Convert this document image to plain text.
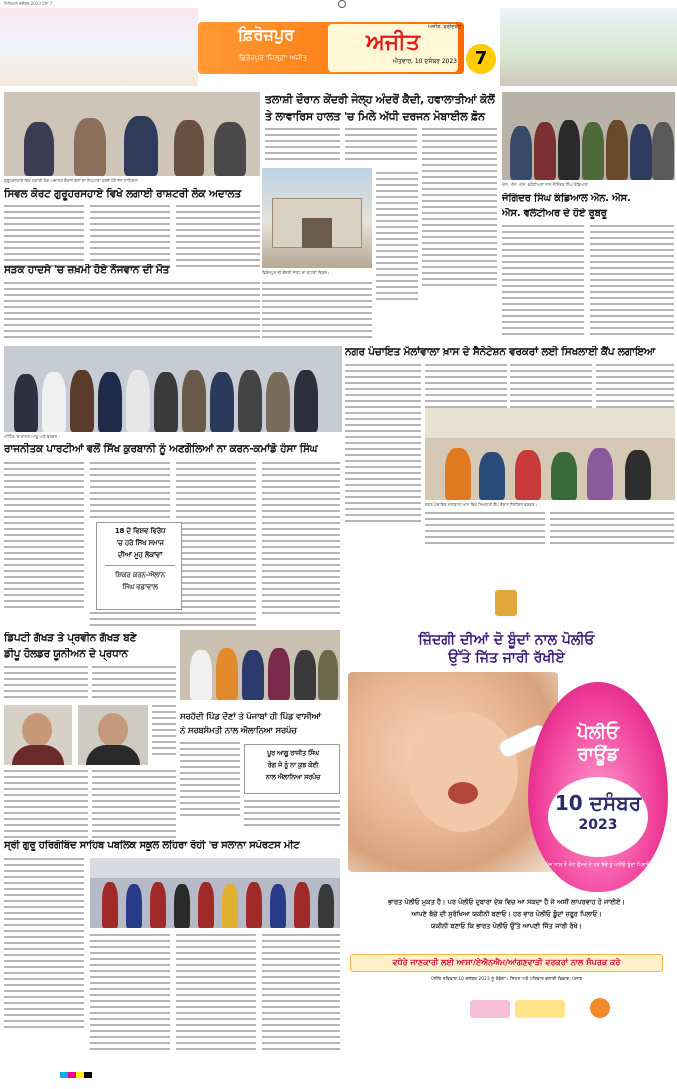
ਮਿਲਿਅਨ ਦਸੰਬਰ 2023 ਪੰਨਾ 7
ਫ਼ਿਰੋਜ਼ਪੁਰ	ਅਜੀਤ
ਫ਼ਿਰੋਜ਼ਪੁਰ 'ਜਿਲ੍ਹਾ' ਅਜੀਤ	ਐਤਵਾਰ, 10 ਦਸੰਬਰ 2023
ਅਜੀਤ, ਫ਼ਰੀਦਕੋਟ
7
ਗੁਰੂਹਰਸਹਾਏ ਵਿਖੇ ਲਗਾਈ ਲੋਕ ਅਦਾਲਤ ਦੌਰਾਨ ਕੇਸਾਂ ਦਾ ਨਿਪਟਾਰਾ ਕਰਦੇ ਹੋਏ ਜੱਜ ਸਾਹਿਬਾਨ
ਤਲਾਸ਼ੀ ਦੌਰਾਨ ਕੇਂਦਰੀ ਜੇਲ੍ਹ ਅੰਦਰੋਂ ਕੈਦੀ, ਹਵਾਲਾਤੀਆਂ ਕੋਲੋਂ
ਤੇ ਲਾਵਾਰਿਸ ਹਾਲਤ 'ਚ ਮਿਲੇ ਅੱਧੀ ਦਰਜਨ ਮੋਬਾਈਲ ਫ਼ੋਨ
ਫ਼ਿਰੋਜ਼ਪੁਰ ਦੀ ਕੇਂਦਰੀ ਜੇਲ੍ਹ ਦਾ ਬਾਹਰੀ ਦ੍ਰਿਸ਼।
ਐਨ. ਐਸ. ਐਸ. ਵਲੰਟੀਅਰਾਂ ਨਾਲ ਜੋਗਿੰਦਰ ਸਿੰਘ ਕੰਡਿਆਲ
ਜੋਗਿੰਦਰ ਸਿੰਘ ਕੰਡਿਆਲ ਐਨ. ਐਸ.
ਐਸ. ਵਲੰਟੀਅਰ ਦੇ ਹੋਏ ਰੂਬਰੂ
ਸਿਵਲ ਕੋਰਟ ਗੁਰੂਹਰਸਹਾਏ ਵਿਖੇ ਲਗਾਈ ਰਾਸ਼ਟਰੀ ਲੋਕ ਅਦਾਲਤ
ਸੜਕ ਹਾਦਸੇ 'ਚ ਜ਼ਖ਼ਮੀ ਹੋਏ ਨੌਜਵਾਨ ਦੀ ਮੌਤ
ਮੀਟਿੰਗ 'ਚ ਸ਼ਾਮਲ ਆਗੂ ਅਤੇ ਵਰਕਰ।
ਨਗਰ ਪੰਚਾਇਤ ਮੱਲਾਂਵਾਲਾ ਖ਼ਾਸ ਦੇ ਸੈਨੇਟੇਸ਼ਨ ਵਰਕਰਾਂ ਲਈ ਸਿਖਲਾਈ ਕੈਂਪ ਲਗਾਇਆ
ਨਗਰ ਪੰਚਾਇਤ ਮੱਲਾਂਵਾਲਾ ਖ਼ਾਸ ਵਿਖੇ ਸਿਖਲਾਈ ਕੈਂਪ ਦੌਰਾਨ ਸੈਨੇਟੇਸ਼ਨ ਵਰਕਰ।
ਰਾਜਨੀਤਕ ਪਾਰਟੀਆਂ ਵਲੋਂ ਸਿੱਖ ਕੁਰਬਾਨੀ ਨੂੰ ਅਣਗੌਲਿਆਂ ਨਾ ਕਰਨ-ਕਮਾਂਡੋ ਹੰਸਾ ਸਿੰਘ
18 ਦੇ ਵਿਸ਼ਵ ਵਿਰੋਧ
'ਚ ਹਰੇ ਸਿੱਖ ਸਮਾਜ
ਦੀਆਂ ਮੂਹ ਲੋਕਾਂਵਾਂ
ਸ਼ਿਕਰ ਕਰਨ-ਐਲਾਨ
ਸਿੰਘ ਵਡਾਵਾਲ
ਡਿਪਟੀ ਗੱਖੜ ਤੇ ਪ੍ਰਵੀਨ ਗੱਖੜ ਬਣੇ
ਡੀਪੂ ਹੋਲਡਰ ਯੂਨੀਅਨ ਦੇ ਪ੍ਰਧਾਨ
ਸਰਹੱਦੀ ਪਿੰਡ ਦੌਣਾਂ ਤੇ ਪੰਜਾਬਾਂ ਹੀ ਪਿੰਡ ਵਾਸੀਆਂ
ਨੇ ਸਰਬਸੰਮਤੀ ਨਾਲ ਐਲਾਨਿਆ ਸਰਪੰਚ
ਪੂਰ ਆਗੂ ਰਾਜੀਤ ਸਿੰਘ
ਰੋਗ ਜੋ ਨੂੰ ਨਾ ਕੁਝ ਕੋਈ
ਨਾਲ ਐਲਾਨਿਆ ਸਰਪੰਚ
ਸ੍ਰੀ ਗੁਰੂ ਹਰਿਗੋਬਿੰਦ ਸਾਹਿਬ ਪਬਲਿਕ ਸਕੂਲ ਲਹਿਰਾ ਰੋਹੀ 'ਚ ਸਲਾਨਾ ਸਪੋਰਟਸ ਮੀਟ
ਜ਼ਿੰਦਗੀ ਦੀਆਂ ਦੋ ਬੂੰਦਾਂ ਨਾਲ ਪੋਲੀਓ
ਉੱਤੇ ਜਿੱਤ ਜਾਰੀ ਰੱਖੀਏ
ਪੋਲੀਓ
ਰਾਊਂਡ
10 ਦਸੰਬਰ
2023
ਪੰਜ ਸਾਲ ਤੋਂ ਘੱਟ ਉਮਰ ਦੇ ਹਰ ਬੱਚੇ ਨੂੰ ਪੋਲੀਓ ਬੂੰਦਾਂ ਪਿਲਾਓ
ਭਾਰਤ ਪੋਲੀਓ ਮੁਕਤ ਹੈ। ਪਰ ਪੋਲੀਓ ਦੁਬਾਰਾ ਦੇਸ਼ ਵਿਚ ਆ ਸਕਦਾ ਹੈ ਜੇ ਅਸੀਂ ਲਾਪਰਵਾਹ ਹੋ ਜਾਈਏ।
ਆਪਣੇ ਬੱਚੇ ਦੀ ਸੁਰੱਖਿਆ ਯਕੀਨੀ ਬਣਾਓ। ਹਰ ਵਾਰ ਪੋਲੀਓ ਬੂੰਦਾਂ ਜ਼ਰੂਰ ਪਿਲਾਓ।
ਯਕੀਨੀ ਬਣਾਓ ਕਿ ਭਾਰਤ ਪੋਲੀਓ ਉੱਤੇ ਆਪਣੀ ਜਿੱਤ ਜਾਰੀ ਰੱਖੇ।
ਵਧੇਰੇ ਜਾਣਕਾਰੀ ਲਈ ਆਸ਼ਾ/ਏਐਨਐਮ/ਆਂਗਣਵਾੜੀ ਵਰਕਰਾਂ ਨਾਲ ਸੰਪਰਕ ਕਰੋ
ਪੋਲੀਓ ਰਵਿਵਾਰ 10 ਦਸੰਬਰ 2023 ਨੂੰ ਹੋਵੇਗਾ। ਸਿਹਤ ਅਤੇ ਪਰਿਵਾਰ ਭਲਾਈ ਵਿਭਾਗ, ਪੰਜਾਬ
